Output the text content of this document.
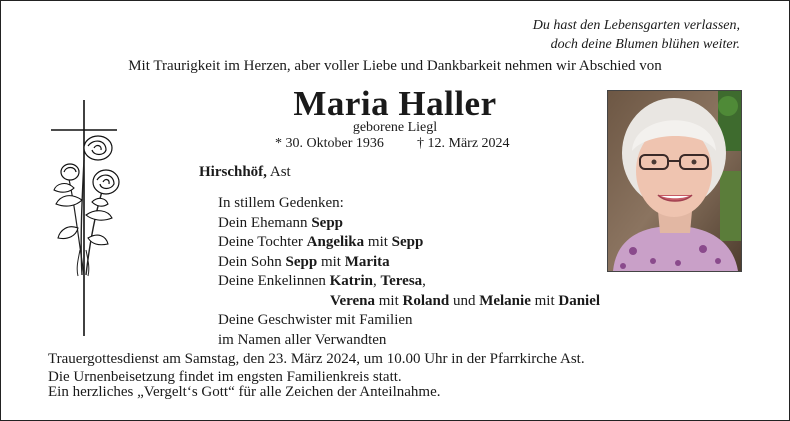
Du hast den Lebensgarten verlassen,
doch deine Blumen blühen weiter.
Mit Traurigkeit im Herzen, aber voller Liebe und Dankbarkeit nehmen wir Abschied von
Maria Haller
geborene Liegl
* 30. Oktober 1936 † 12. März 2024
Hirschhöf, Ast
In stillem Gedenken:
Dein Ehemann Sepp
Deine Tochter Angelika mit Sepp
Dein Sohn Sepp mit Marita
Deine Enkelinnen Katrin, Teresa,
Verena mit Roland und Melanie mit Daniel
Deine Geschwister mit Familien
im Namen aller Verwandten
Trauergottesdienst am Samstag, den 23. März 2024, um 10.00 Uhr in der Pfarrkirche Ast.
Die Urnenbeisetzung findet im engsten Familienkreis statt.
Ein herzliches „Vergelt‘s Gott“ für alle Zeichen der Anteilnahme.
